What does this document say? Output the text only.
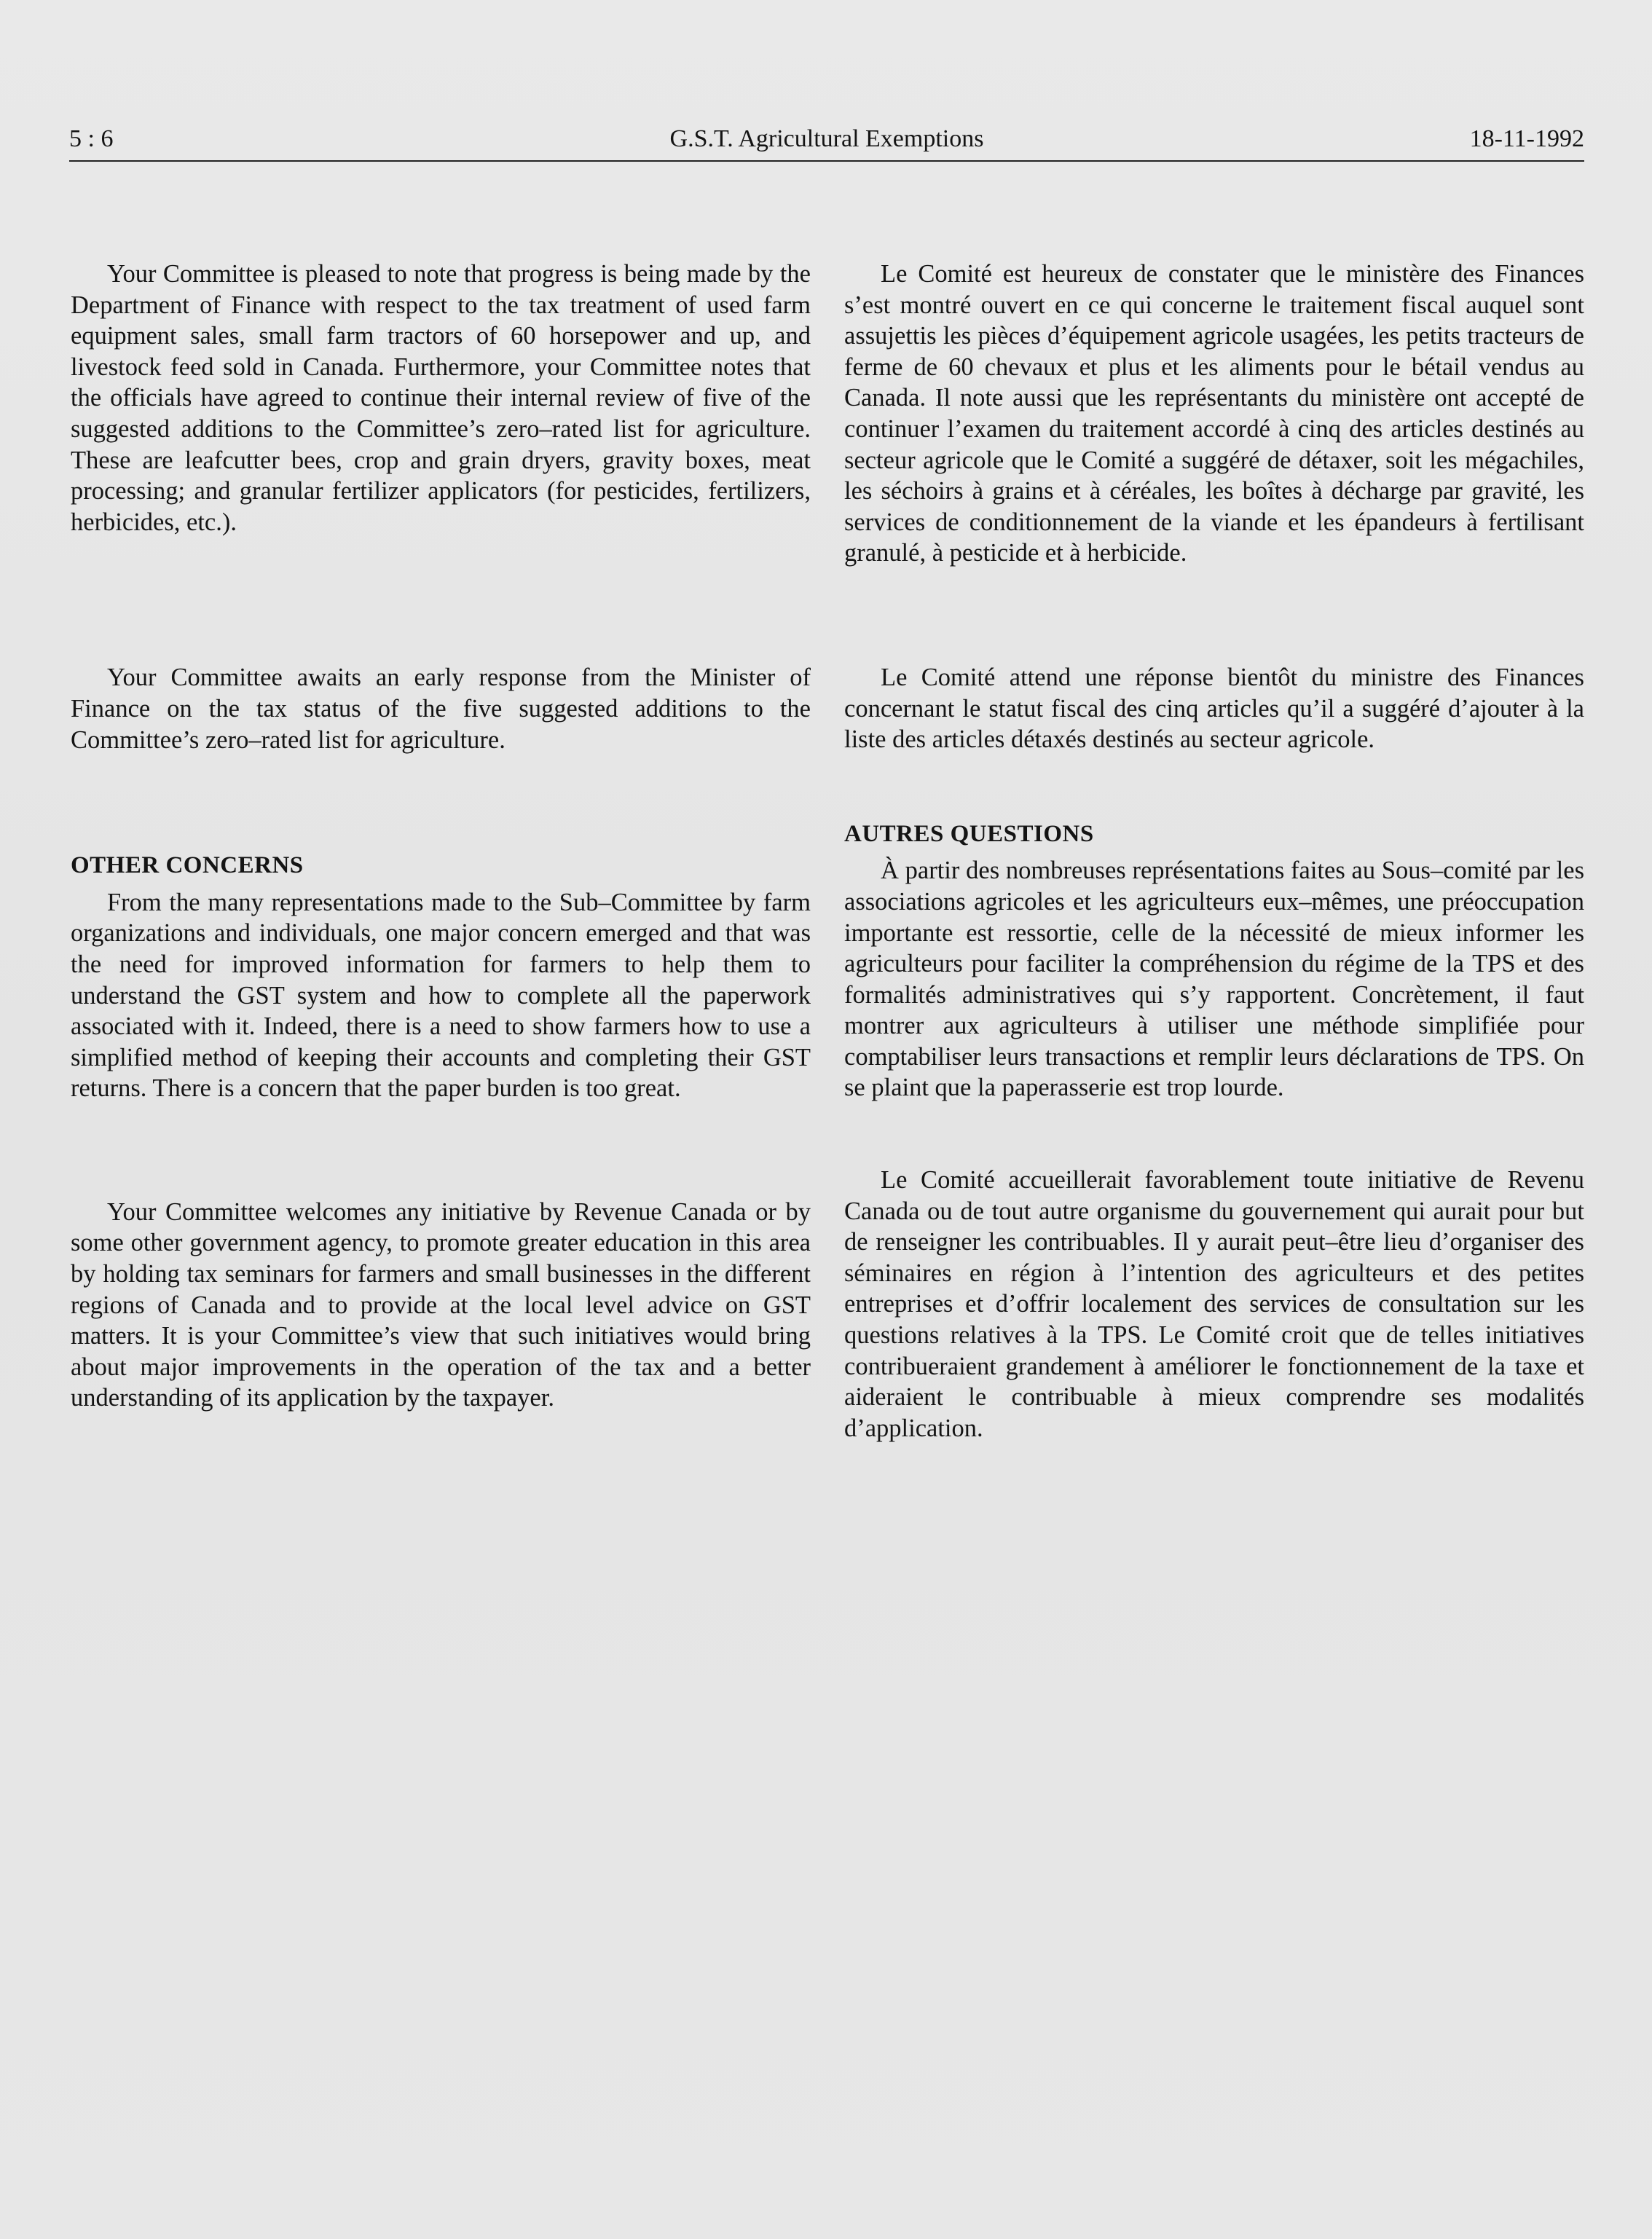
5 : 6	G.S.T. Agricultural Exemptions	18-11-1992

Your Committee is pleased to note that progress is being made by the Department of Finance with respect to the tax treatment of used farm equipment sales, small farm tractors of 60 horsepower and up, and livestock feed sold in Canada. Furthermore, your Committee notes that the officials have agreed to continue their internal review of five of the suggested additions to the Committee’s zero–rated list for agriculture. These are leafcutter bees, crop and grain dryers, gravity boxes, meat processing; and granular fertilizer applicators (for pesticides, fertilizers, herbicides, etc.).

Your Committee awaits an early response from the Minister of Finance on the tax status of the five suggested additions to the Committee’s zero–rated list for agriculture.

OTHER CONCERNS

From the many representations made to the Sub–Committee by farm organizations and individuals, one major concern emerged and that was the need for improved information for farmers to help them to understand the GST system and how to complete all the paperwork associated with it. Indeed, there is a need to show farmers how to use a simplified method of keeping their accounts and completing their GST returns. There is a concern that the paper burden is too great.

Your Committee welcomes any initiative by Revenue Canada or by some other government agency, to promote greater education in this area by holding tax seminars for farmers and small businesses in the different regions of Canada and to provide at the local level advice on GST matters. It is your Committee’s view that such initiatives would bring about major improvements in the operation of the tax and a better understanding of its application by the taxpayer.

Le Comité est heureux de constater que le ministère des Finances s’est montré ouvert en ce qui concerne le traitement fiscal auquel sont assujettis les pièces d’équipement agricole usagées, les petits tracteurs de ferme de 60 chevaux et plus et les aliments pour le bétail vendus au Canada. Il note aussi que les représentants du ministère ont accepté de continuer l’examen du traitement accordé à cinq des articles destinés au secteur agricole que le Comité a suggéré de détaxer, soit les mégachiles, les séchoirs à grains et à céréales, les boîtes à décharge par gravité, les services de conditionnement de la viande et les épandeurs à fertilisant granulé, à pesticide et à herbicide.

Le Comité attend une réponse bientôt du ministre des Finances concernant le statut fiscal des cinq articles qu’il a suggéré d’ajouter à la liste des articles détaxés destinés au secteur agricole.

AUTRES QUESTIONS

À partir des nombreuses représentations faites au Sous–comité par les associations agricoles et les agriculteurs eux–mêmes, une préoccupation importante est ressortie, celle de la nécessité de mieux informer les agriculteurs pour faciliter la compréhension du régime de la TPS et des formalités administratives qui s’y rapportent. Concrètement, il faut montrer aux agriculteurs à utiliser une méthode simplifiée pour comptabiliser leurs transactions et remplir leurs déclarations de TPS. On se plaint que la paperasserie est trop lourde.

Le Comité accueillerait favorablement toute initiative de Revenu Canada ou de tout autre organisme du gouvernement qui aurait pour but de renseigner les contribuables. Il y aurait peut–être lieu d’organiser des séminaires en région à l’intention des agriculteurs et des petites entreprises et d’offrir localement des services de consultation sur les questions relatives à la TPS. Le Comité croit que de telles initiatives contribueraient grandement à améliorer le fonctionnement de la taxe et aideraient le contribuable à mieux comprendre ses modalités d’application.
